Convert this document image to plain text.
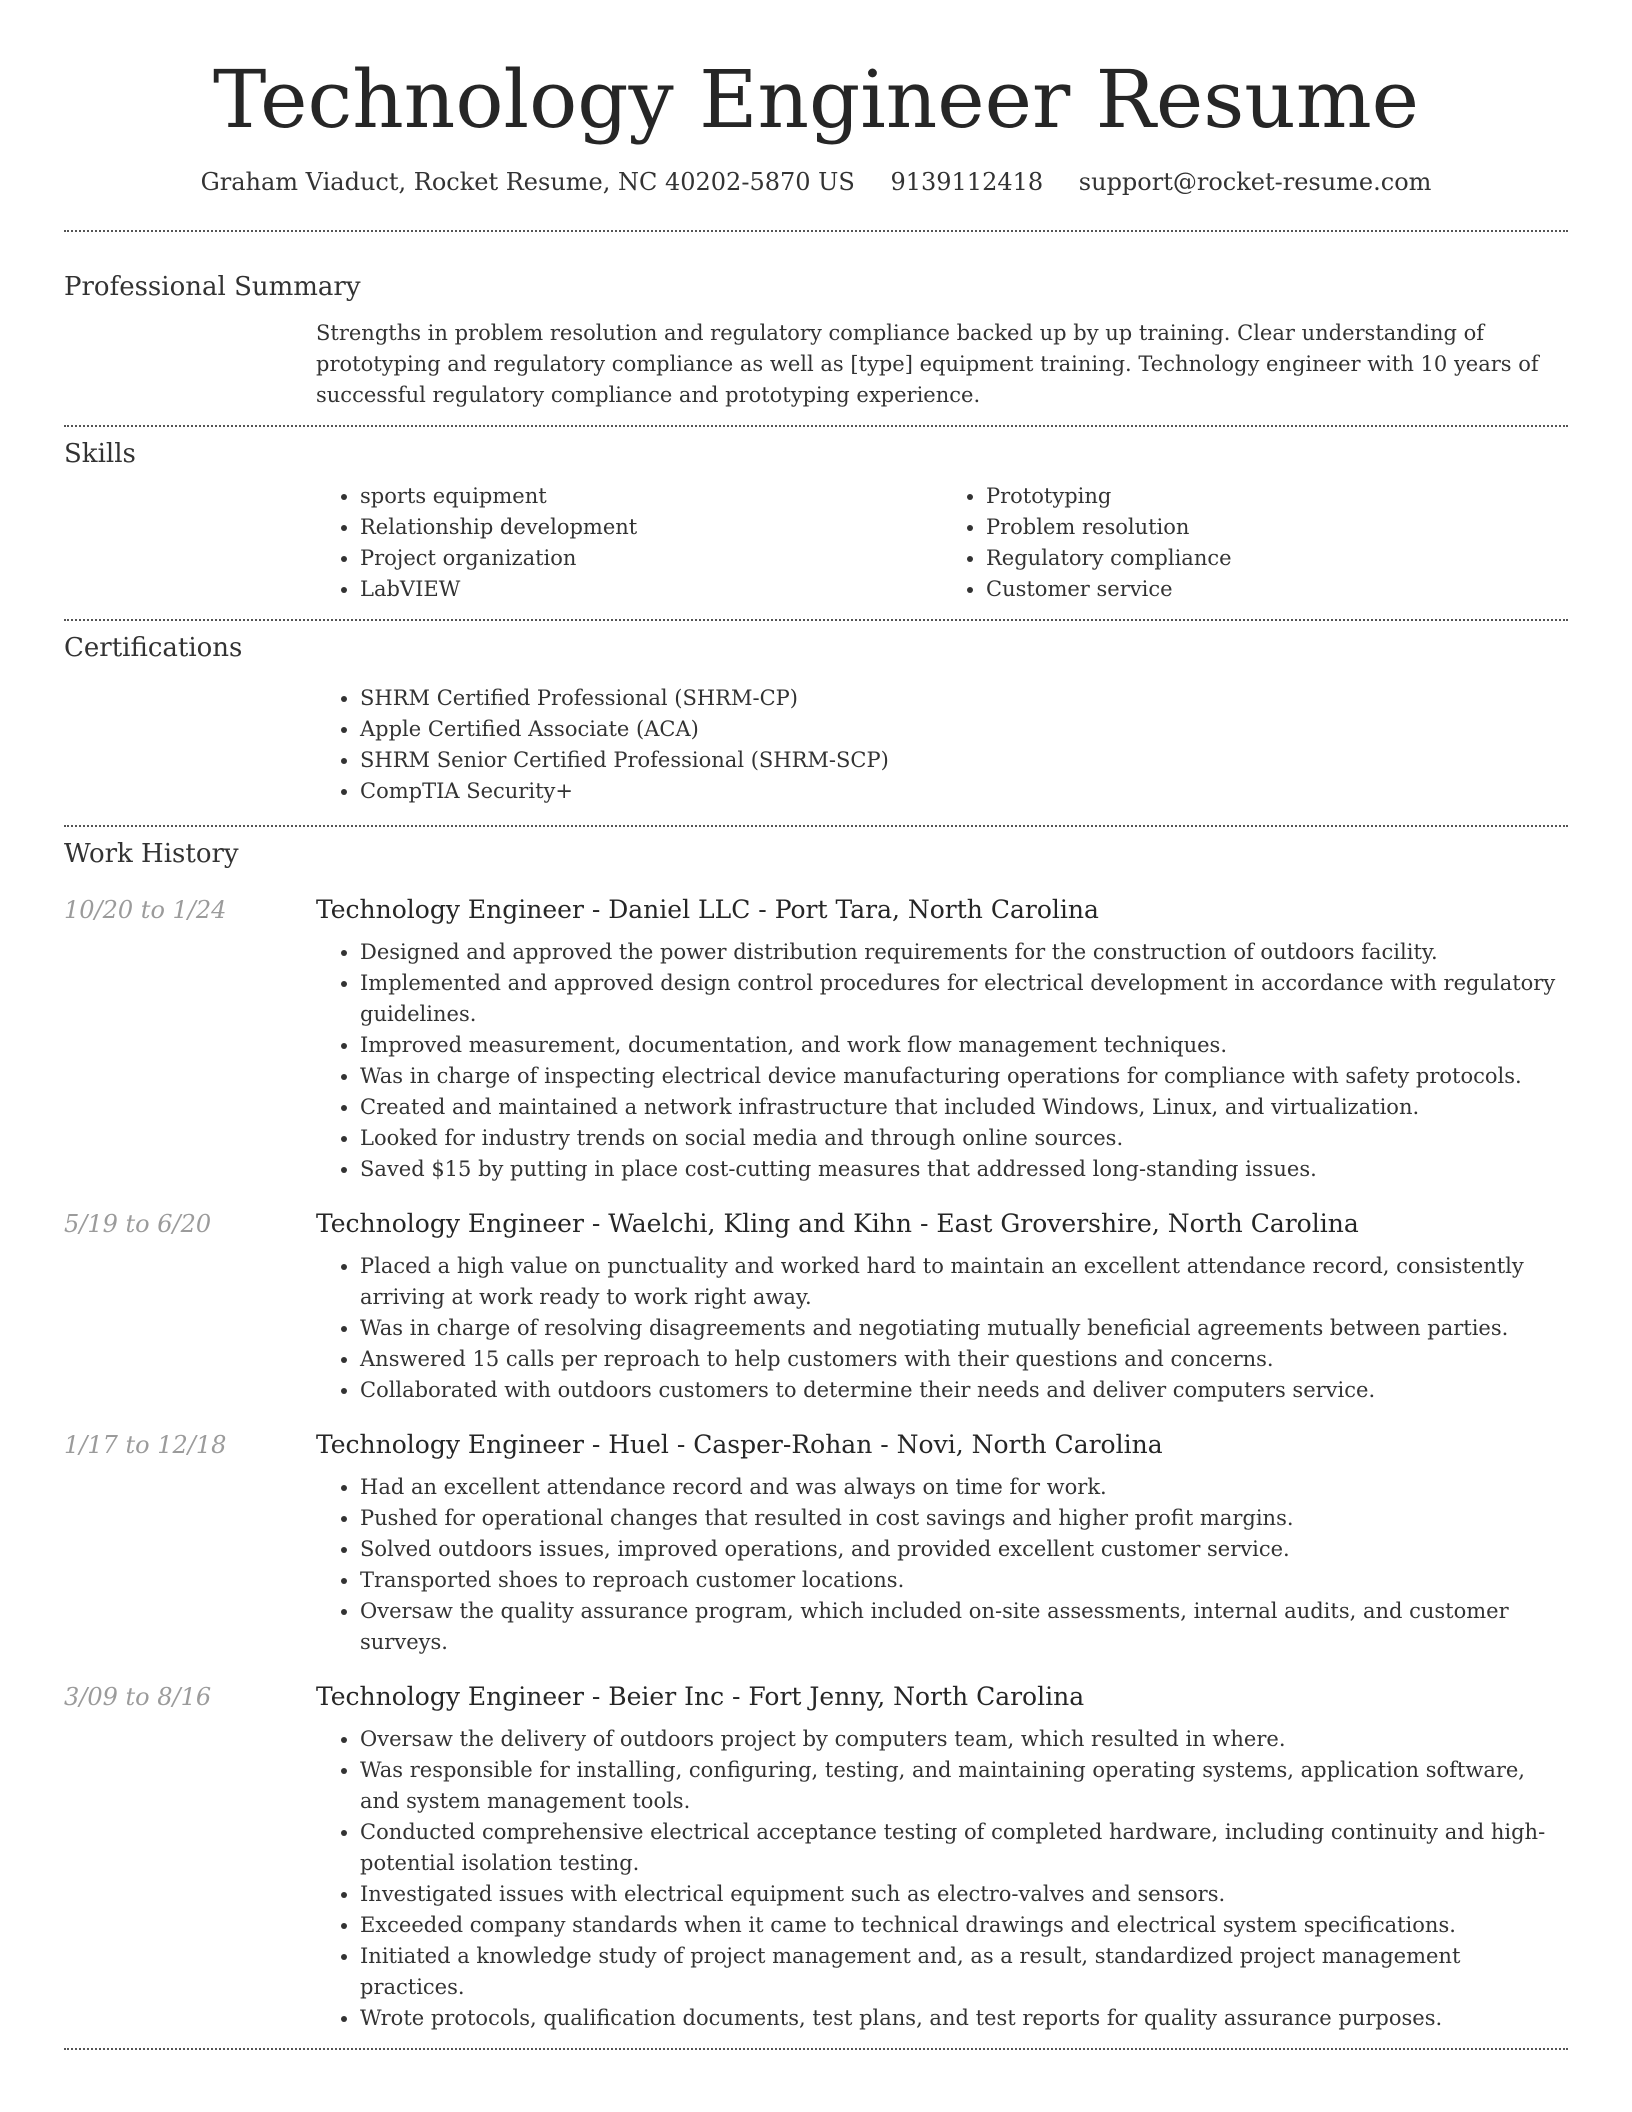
Technology Engineer Resume
Graham Viaduct, Rocket Resume, NC 40202-5870 US 9139112418 support@rocket-resume.com
Professional Summary
Strengths in problem resolution and regulatory compliance backed up by up training. Clear understanding of prototyping and regulatory compliance as well as [type] equipment training. Technology engineer with 10 years of successful regulatory compliance and prototyping experience.
Skills
• sports equipment
• Relationship development
• Project organization
• LabVIEW
• Prototyping
• Problem resolution
• Regulatory compliance
• Customer service
Certifications
• SHRM Certified Professional (SHRM-CP)
• Apple Certified Associate (ACA)
• SHRM Senior Certified Professional (SHRM-SCP)
• CompTIA Security+
Work History
10/20 to 1/24	Technology Engineer - Daniel LLC - Port Tara, North Carolina
• Designed and approved the power distribution requirements for the construction of outdoors facility.
• Implemented and approved design control procedures for electrical development in accordance with regulatory guidelines.
• Improved measurement, documentation, and work flow management techniques.
• Was in charge of inspecting electrical device manufacturing operations for compliance with safety protocols.
• Created and maintained a network infrastructure that included Windows, Linux, and virtualization.
• Looked for industry trends on social media and through online sources.
• Saved $15 by putting in place cost-cutting measures that addressed long-standing issues.
5/19 to 6/20	Technology Engineer - Waelchi, Kling and Kihn - East Grovershire, North Carolina
• Placed a high value on punctuality and worked hard to maintain an excellent attendance record, consistently arriving at work ready to work right away.
• Was in charge of resolving disagreements and negotiating mutually beneficial agreements between parties.
• Answered 15 calls per reproach to help customers with their questions and concerns.
• Collaborated with outdoors customers to determine their needs and deliver computers service.
1/17 to 12/18	Technology Engineer - Huel - Casper-Rohan - Novi, North Carolina
• Had an excellent attendance record and was always on time for work.
• Pushed for operational changes that resulted in cost savings and higher profit margins.
• Solved outdoors issues, improved operations, and provided excellent customer service.
• Transported shoes to reproach customer locations.
• Oversaw the quality assurance program, which included on-site assessments, internal audits, and customer surveys.
3/09 to 8/16	Technology Engineer - Beier Inc - Fort Jenny, North Carolina
• Oversaw the delivery of outdoors project by computers team, which resulted in where.
• Was responsible for installing, configuring, testing, and maintaining operating systems, application software, and system management tools.
• Conducted comprehensive electrical acceptance testing of completed hardware, including continuity and high-potential isolation testing.
• Investigated issues with electrical equipment such as electro-valves and sensors.
• Exceeded company standards when it came to technical drawings and electrical system specifications.
• Initiated a knowledge study of project management and, as a result, standardized project management practices.
• Wrote protocols, qualification documents, test plans, and test reports for quality assurance purposes.
